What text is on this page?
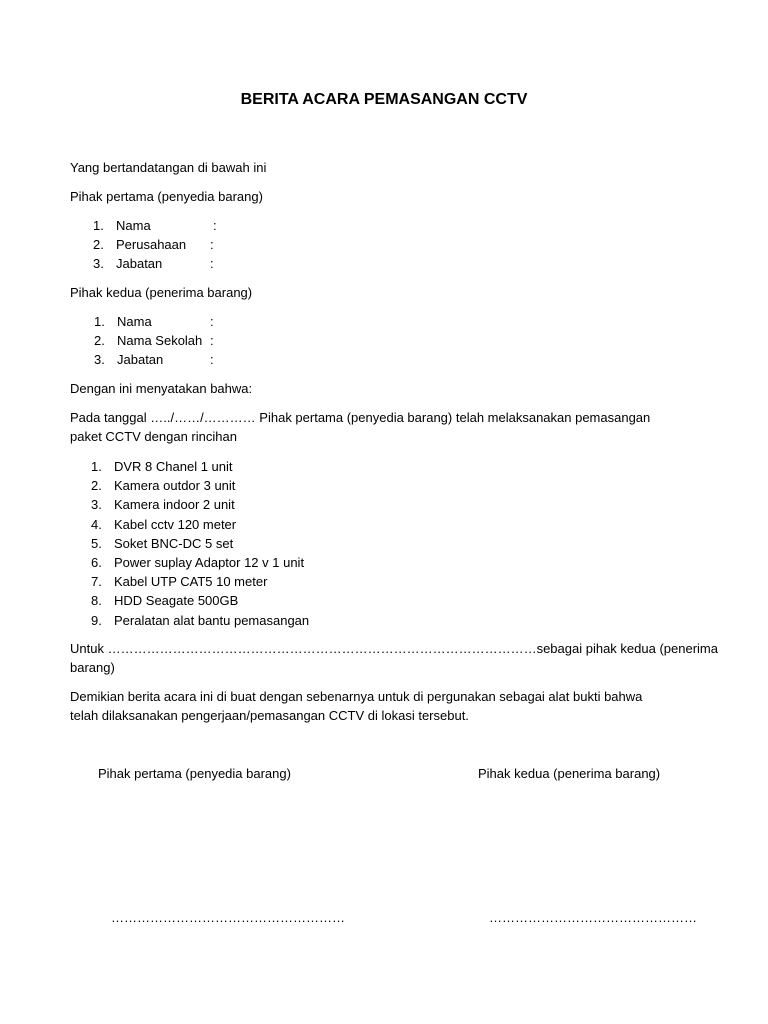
BERITA ACARA PEMASANGAN CCTV
Yang bertandatangan di bawah ini
Pihak pertama (penyedia barang)
1. Nama	:
2. Perusahaan :
3. Jabatan	:
Pihak kedua (penerima barang)
1. Nama	:
2. Nama Sekolah :
3. Jabatan	:
Dengan ini menyatakan bahwa:
Pada tanggal …../……/………… Pihak pertama (penyedia barang) telah melaksanakan pemasangan
paket CCTV dengan rincihan
1. DVR 8 Chanel 1 unit
2. Kamera outdor 3 unit
3. Kamera indoor 2 unit
4. Kabel cctv 120 meter
5. Soket BNC-DC 5 set
6. Power suplay Adaptor 12 v 1 unit
7. Kabel UTP CAT5 10 meter
8. HDD Seagate 500GB
9. Peralatan alat bantu pemasangan
Untuk ………………………………………………………………………………………sebagai pihak kedua (penerima
barang)
Demikian berita acara ini di buat dengan sebenarnya untuk di pergunakan sebagai alat bukti bahwa
telah dilaksanakan pengerjaan/pemasangan CCTV di lokasi tersebut.
Pihak pertama (penyedia barang)	Pihak kedua (penerima barang)
………………………………………………	…………………………………………
